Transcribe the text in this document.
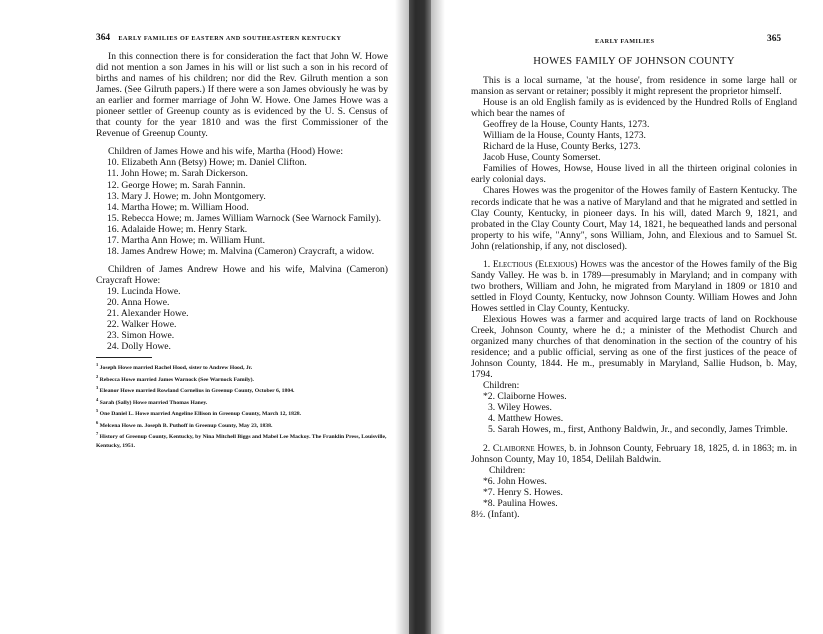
364 EARLY FAMILIES OF EASTERN AND SOUTHEASTERN KENTUCKY

In this connection there is for consideration the fact that John W. Howe did not mention a son James in his will or list such a son in his record of births and names of his children; nor did the Rev. Gilruth mention a son James. (See Gilruth papers.) If there were a son James obviously he was by an earlier and former marriage of John W. Howe. One James Howe was a pioneer settler of Greenup county as is evidenced by the U. S. Census of that county for the year 1810 and was the first Commissioner of the Revenue of Greenup County.

Children of James Howe and his wife, Martha (Hood) Howe:

10. Elizabeth Ann (Betsy) Howe; m. Daniel Clifton.
11. John Howe; m. Sarah Dickerson.
12. George Howe; m. Sarah Fannin.
13. Mary J. Howe; m. John Montgomery.
14. Martha Howe; m. William Hood.
15. Rebecca Howe; m. James William Warnock (See Warnock Family).
16. Adalaide Howe; m. Henry Stark.
17. Martha Ann Howe; m. William Hunt.
18. James Andrew Howe; m. Malvina (Cameron) Craycraft, a widow.

Children of James Andrew Howe and his wife, Malvina (Cameron) Craycraft Howe:

19. Lucinda Howe.
20. Anna Howe.
21. Alexander Howe.
22. Walker Howe.
23. Simon Howe.
24. Dolly Howe.
$^1$ Joseph Howe married Rachel Hood, sister to Andrew Hood, Jr.
$^2$ Rebecca Howe married James Warnock (See Warnock Family).
$^3$ Eleanor Howe married Rowland Cornelius in Greenup County, October 6, 1804.
$^4$ Sarah (Sally) Howe married Thomas Haney.
$^5$ One Daniel L. Howe married Angeline Ellison in Greenup County, March 12, 1828.
$^6$ Melcena Howe m. Joseph B. Puthoff in Greenup County, May 23, 1838.
$^7$ History of Greenup County, Kentucky, by Nina Mitchell Biggs and Mabel Lee Mackoy. The Franklin Press, Louisville, Kentucky, 1951.
EARLY FAMILIES	365
HOWES FAMILY OF JOHNSON COUNTY

This is a local surname, 'at the house', from residence in some large hall or mansion as servant or retainer; possibly it might represent the proprietor himself.

House is an old English family as is evidenced by the Hundred Rolls of England which bear the names of

Geoffrey de la House, County Hants, 1273.
William de la House, County Hants, 1273.
Richard de la Huse, County Berks, 1273.
Jacob Huse, County Somerset.

Families of Howes, Howse, House lived in all the thirteen original colonies in early colonial days.

Chares Howes was the progenitor of the Howes family of Eastern Kentucky. The records indicate that he was a native of Maryland and that he migrated and settled in Clay County, Kentucky, in pioneer days. In his will, dated March 9, 1821, and probated in the Clay County Court, May 14, 1821, he bequeathed lands and personal property to his wife, "Anny", sons William, John, and Elexious and to Samuel St. John (relationship, if any, not disclosed).

1. Electious (Elexious) Howes was the ancestor of the Howes family of the Big Sandy Valley. He was b. in 1789—presumably in Maryland; and in company with two brothers, William and John, he migrated from Maryland in 1809 or 1810 and settled in Floyd County, Kentucky, now Johnson County. William Howes and John Howes settled in Clay County, Kentucky.

Elexious Howes was a farmer and acquired large tracts of land on Rockhouse Creek, Johnson County, where he d.; a minister of the Methodist Church and organized many churches of that denomination in the section of the country of his residence; and a public official, serving as one of the first justices of the peace of Johnson County, 1844. He m., presumably in Maryland, Sallie Hudson, b. May, 1794.

Children:
*2. Claiborne Howes.
3. Wiley Howes.
4. Matthew Howes.
5. Sarah Howes, m., first, Anthony Baldwin, Jr., and secondly, James Trimble.

2. Claiborne Howes, b. in Johnson County, February 18, 1825, d. in 1863; m. in Johnson County, May 10, 1854, Delilah Baldwin.

Children:
*6. John Howes.
*7. Henry S. Howes.
*8. Paulina Howes.
8½. (Infant).
